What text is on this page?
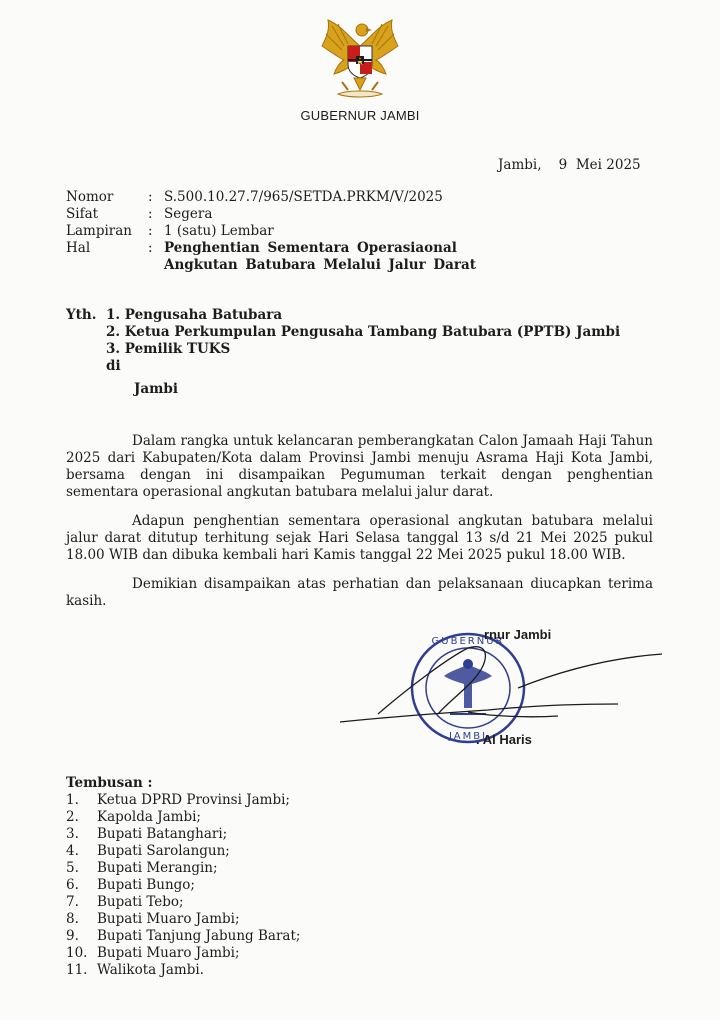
GUBERNUR JAMBI
Jambi,    9  Mei 2025
Nomor	: S.500.10.27.7/965/SETDA.PRKM/V/2025
Sifat	: Segera
Lampiran	: 1 (satu) Lembar
Hal	: Penghentian Sementara Operasiaonal
Angkutan Batubara Melalui Jalur Darat
Yth. 1. Pengusaha Batubara
2. Ketua Perkumpulan Pengusaha Tambang Batubara (PPTB) Jambi
3. Pemilik TUKS
di
Jambi

Dalam rangka untuk kelancaran pemberangkatan Calon Jamaah Haji Tahun 2025 dari Kabupaten/Kota dalam Provinsi Jambi menuju Asrama Haji Kota Jambi, bersama dengan ini disampaikan Pegumuman terkait dengan penghentian sementara operasional angkutan batubara melalui jalur darat.

Adapun penghentian sementara operasional angkutan batubara melalui jalur darat ditutup terhitung sejak Hari Selasa tanggal 13 s/d 21 Mei 2025 pukul 18.00 WIB dan dibuka kembali hari Kamis tanggal 22 Mei 2025 pukul 18.00 WIB.

Demikian disampaikan atas perhatian dan pelaksanaan diucapkan terima kasih.

GUBERNUR
JAMBI
rnur Jambi
. Al Haris
Tembusan :
1.	Ketua DPRD Provinsi Jambi;
2.	Kapolda Jambi;
3.	Bupati Batanghari;
4.	Bupati Sarolangun;
5.	Bupati Merangin;
6.	Bupati Bungo;
7.	Bupati Tebo;
8.	Bupati Muaro Jambi;
9.	Bupati Tanjung Jabung Barat;
10. Bupati Muaro Jambi;
11. Walikota Jambi.
